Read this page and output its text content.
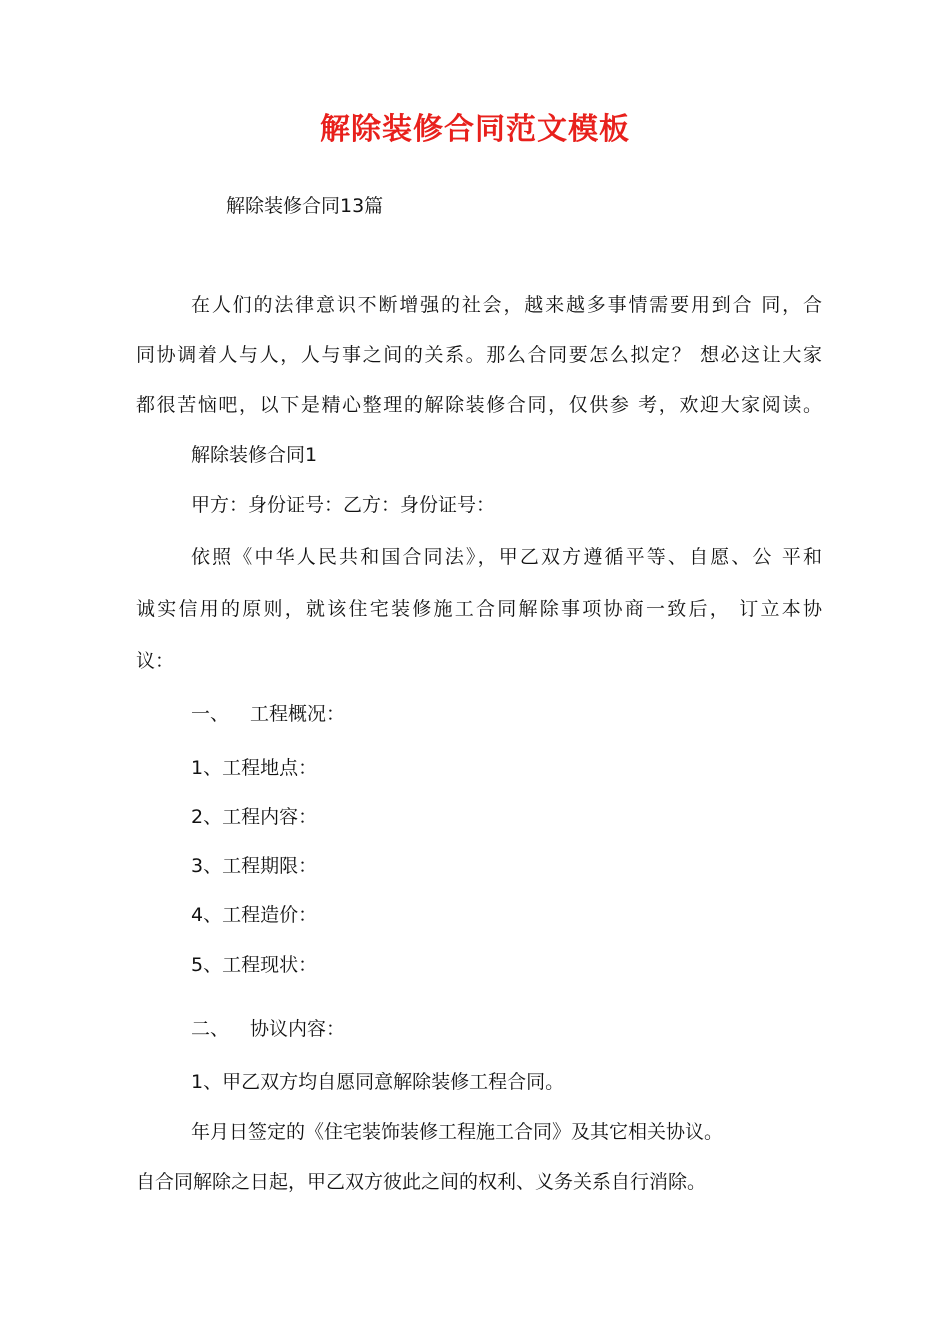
解除装修合同范文模板
解除装修合同13篇
在人们的法律意识不断增强的社会，越来越多事情需要用到合 同，合
同协调着人与人，人与事之间的关系。那么合同要怎么拟定？ 想必这让大家
都很苦恼吧，以下是精心整理的解除装修合同，仅供参 考，欢迎大家阅读。
解除装修合同1
甲方：身份证号：乙方：身份证号：
依照《中华人民共和国合同法》，甲乙双方遵循平等、自愿、公 平和
诚实信用的原则，就该住宅装修施工合同解除事项协商一致后， 订立本协
议：
一、 工程概况：
1、工程地点：
2、工程内容：
3、工程期限：
4、工程造价：
5、工程现状：
二、 协议内容：
1、甲乙双方均自愿同意解除装修工程合同。
年月日签定的《住宅装饰装修工程施工合同》及其它相关协议。
自合同解除之日起，甲乙双方彼此之间的权利、义务关系自行消除。
